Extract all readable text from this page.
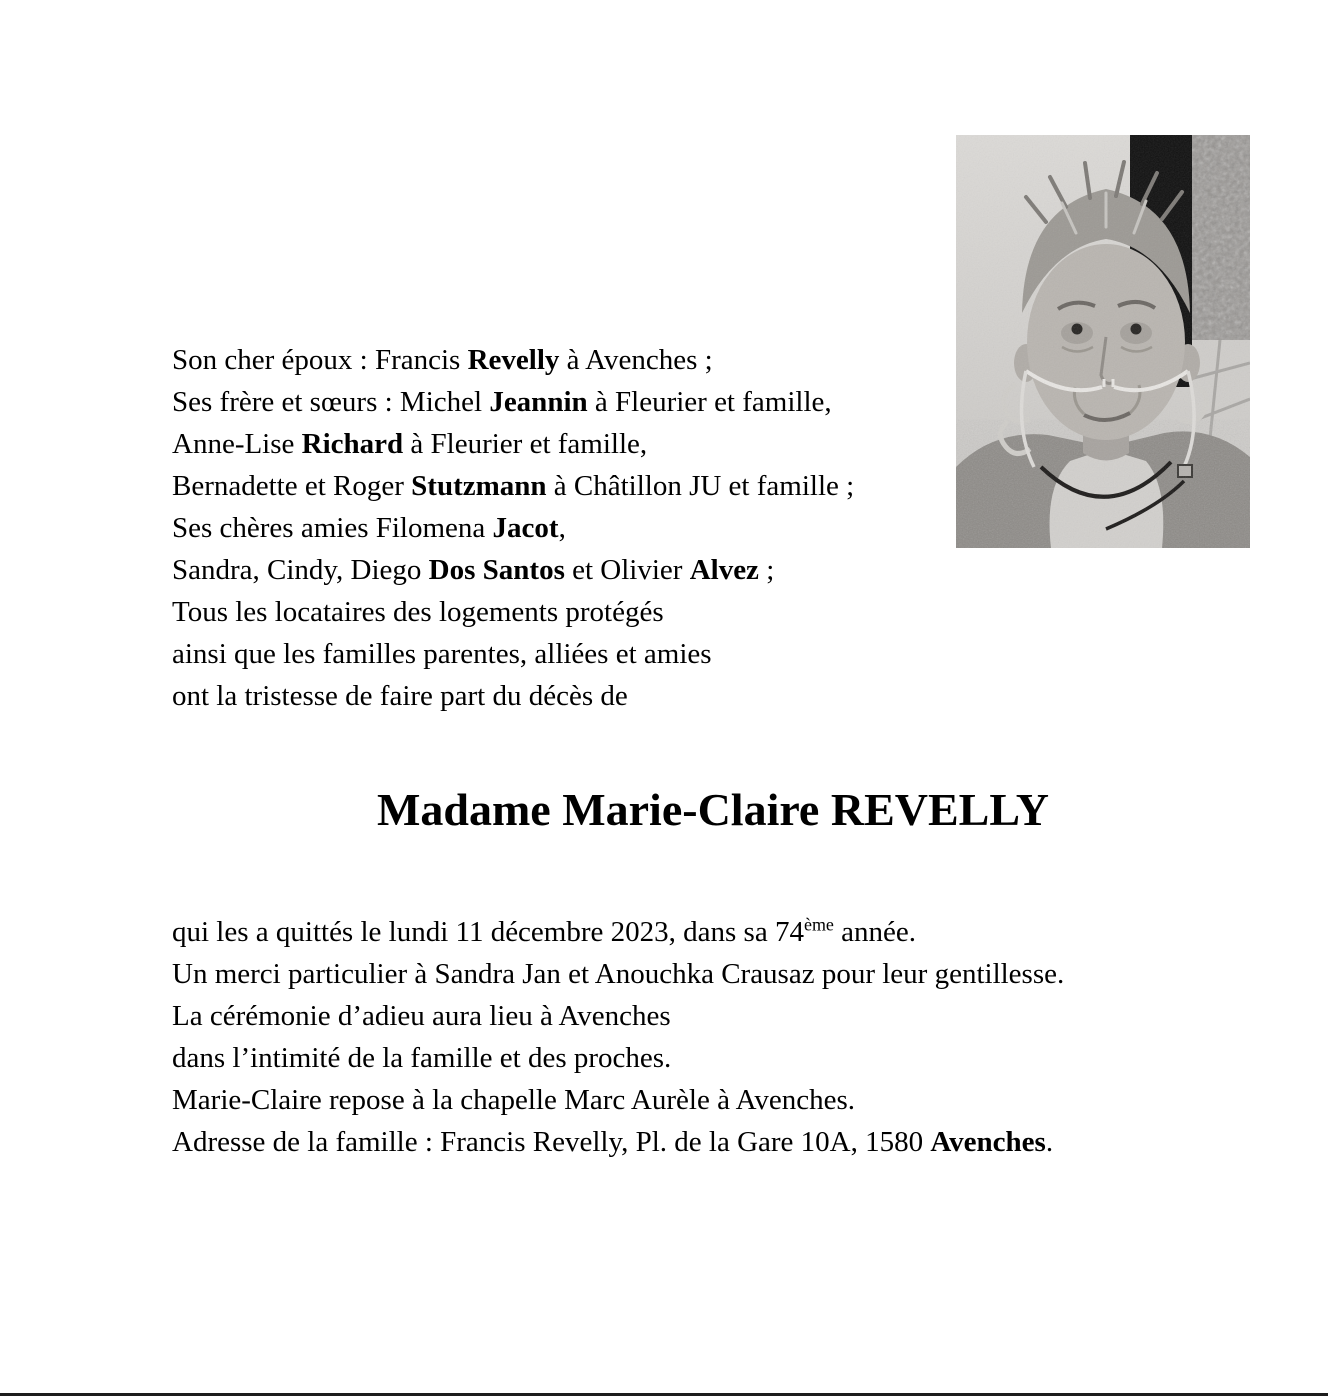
Son cher époux : Francis Revelly à Avenches ;
Ses frère et sœurs : Michel Jeannin à Fleurier et famille,
Anne-Lise Richard à Fleurier et famille,
Bernadette et Roger Stutzmann à Châtillon JU et famille ;
Ses chères amies Filomena Jacot,
Sandra, Cindy, Diego Dos Santos et Olivier Alvez ;
Tous les locataires des logements protégés
ainsi que les familles parentes, alliées et amies
ont la tristesse de faire part du décès de
Madame Marie-Claire REVELLY
qui les a quittés le lundi 11 décembre 2023, dans sa 74ème année.
Un merci particulier à Sandra Jan et Anouchka Crausaz pour leur gentillesse.
La cérémonie d’adieu aura lieu à Avenches
dans l’intimité de la famille et des proches.
Marie-Claire repose à la chapelle Marc Aurèle à Avenches.
Adresse de la famille : Francis Revelly, Pl. de la Gare 10A, 1580 Avenches.
